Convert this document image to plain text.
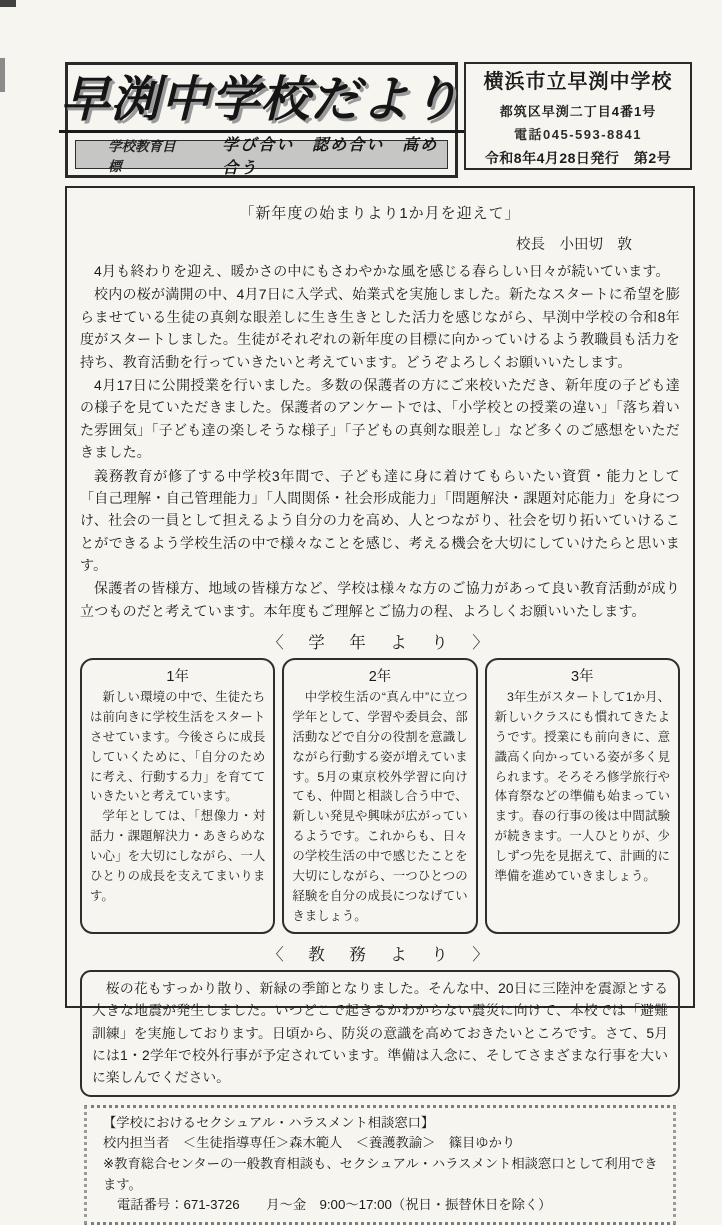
早渕中学校だより
学校教育目標
学び合い　認め合い　高め合う
横浜市立早渕中学校
都筑区早渕二丁目4番1号
電話045-593-8841
令和8年4月28日発行　第2号
「新年度の始まりより1か月を迎えて」
校長　小田切　敦
4月も終わりを迎え、暖かさの中にもさわやかな風を感じる春らしい日々が続いています。
校内の桜が満開の中、4月7日に入学式、始業式を実施しました。新たなスタートに希望を膨らませている生徒の真剣な眼差しに生き生きとした活力を感じながら、早渕中学校の令和8年度がスタートしました。生徒がそれぞれの新年度の目標に向かっていけるよう教職員も活力を持ち、教育活動を行っていきたいと考えています。どうぞよろしくお願いいたします。
4月17日に公開授業を行いました。多数の保護者の方にご来校いただき、新年度の子ども達の様子を見ていただきました。保護者のアンケートでは、「小学校との授業の違い」「落ち着いた雰囲気」「子ども達の楽しそうな様子」「子どもの真剣な眼差し」など多くのご感想をいただきました。
義務教育が修了する中学校3年間で、子ども達に身に着けてもらいたい資質・能力として「自己理解・自己管理能力」「人間関係・社会形成能力」「問題解決・課題対応能力」を身につけ、社会の一員として担えるよう自分の力を高め、人とつながり、社会を切り拓いていけることができるよう学校生活の中で様々なことを感じ、考える機会を大切にしていけたらと思います。
保護者の皆様方、地域の皆様方など、学校は様々な方のご協力があって良い教育活動が成り立つものだと考えています。本年度もご理解とご協力の程、よろしくお願いいたします。
〈　学　年　よ　り　〉
1年
新しい環境の中で、生徒たちは前向きに学校生活をスタートさせています。今後さらに成長していくために、「自分のために考え、行動する力」を育てていきたいと考えています。
学年としては、「想像力・対話力・課題解決力・あきらめない心」を大切にしながら、一人ひとりの成長を支えてまいります。
2年
中学校生活の“真ん中”に立つ学年として、学習や委員会、部活動などで自分の役割を意識しながら行動する姿が増えています。5月の東京校外学習に向けても、仲間と相談し合う中で、新しい発見や興味が広がっているようです。これからも、日々の学校生活の中で感じたことを大切にしながら、一つひとつの経験を自分の成長につなげていきましょう。
3年
3年生がスタートして1か月、新しいクラスにも慣れてきたようです。授業にも前向きに、意識高く向かっている姿が多く見られます。そろそろ修学旅行や体育祭などの準備も始まっています。春の行事の後は中間試験が続きます。一人ひとりが、少しずつ先を見据えて、計画的に準備を進めていきましょう。
〈　教　務　よ　り　〉
桜の花もすっかり散り、新緑の季節となりました。そんな中、20日に三陸沖を震源とする大きな地震が発生しました。いつどこで起きるかわからない震災に向けて、本校では「避難訓練」を実施しております。日頃から、防災の意識を高めておきたいところです。さて、5月には1・2学年で校外行事が予定されています。準備は入念に、そしてさまざまな行事を大いに楽しんでください。
【学校におけるセクシュアル・ハラスメント相談窓口】
校内担当者　＜生徒指導専任＞森木範人　＜養護教諭＞　篠目ゆかり
※教育総合センターの一般教育相談も、セクシュアル・ハラスメント相談窓口として利用できます。
電話番号：671-3726　　月～金　9:00～17:00（祝日・振替休日を除く）
